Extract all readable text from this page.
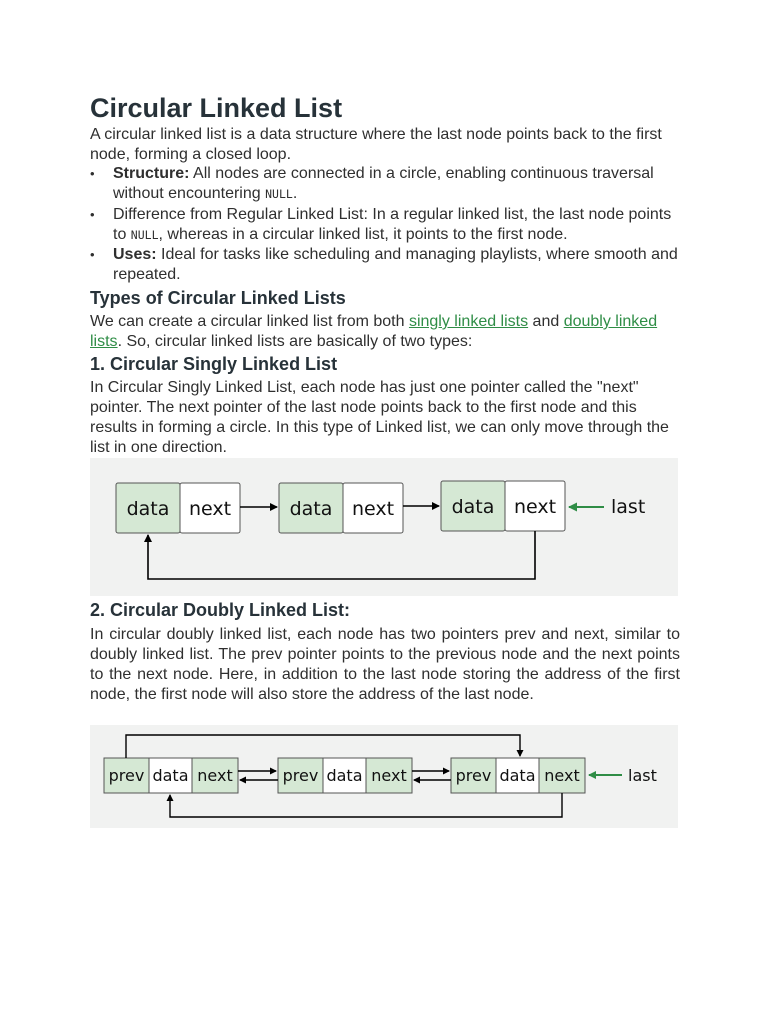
Circular Linked List

A circular linked list is a data structure where the last node points back to the first node, forming a closed loop.

• Structure: All nodes are connected in a circle, enabling continuous traversal without encountering NULL.
• Difference from Regular Linked List: In a regular linked list, the last node points to NULL, whereas in a circular linked list, it points to the first node.
• Uses: Ideal for tasks like scheduling and managing playlists, where smooth and repeated.
Types of Circular Linked Lists

We can create a circular linked list from both singly linked lists and doubly linked lists. So, circular linked lists are basically of two types:

1. Circular Singly Linked List

In Circular Singly Linked List, each node has just one pointer called the "next" pointer. The next pointer of the last node points back to the first node and this results in forming a circle. In this type of Linked list, we can only move through the list in one direction.

data next	data next	data next	last
2. Circular Doubly Linked List:

In circular doubly linked list, each node has two pointers prev and next, similar to doubly linked list. The prev pointer points to the previous node and the next points to the next node. Here, in addition to the last node storing the address of the first node, the first node will also store the address of the last node.

prev data next	prev data next	prev data next	last
